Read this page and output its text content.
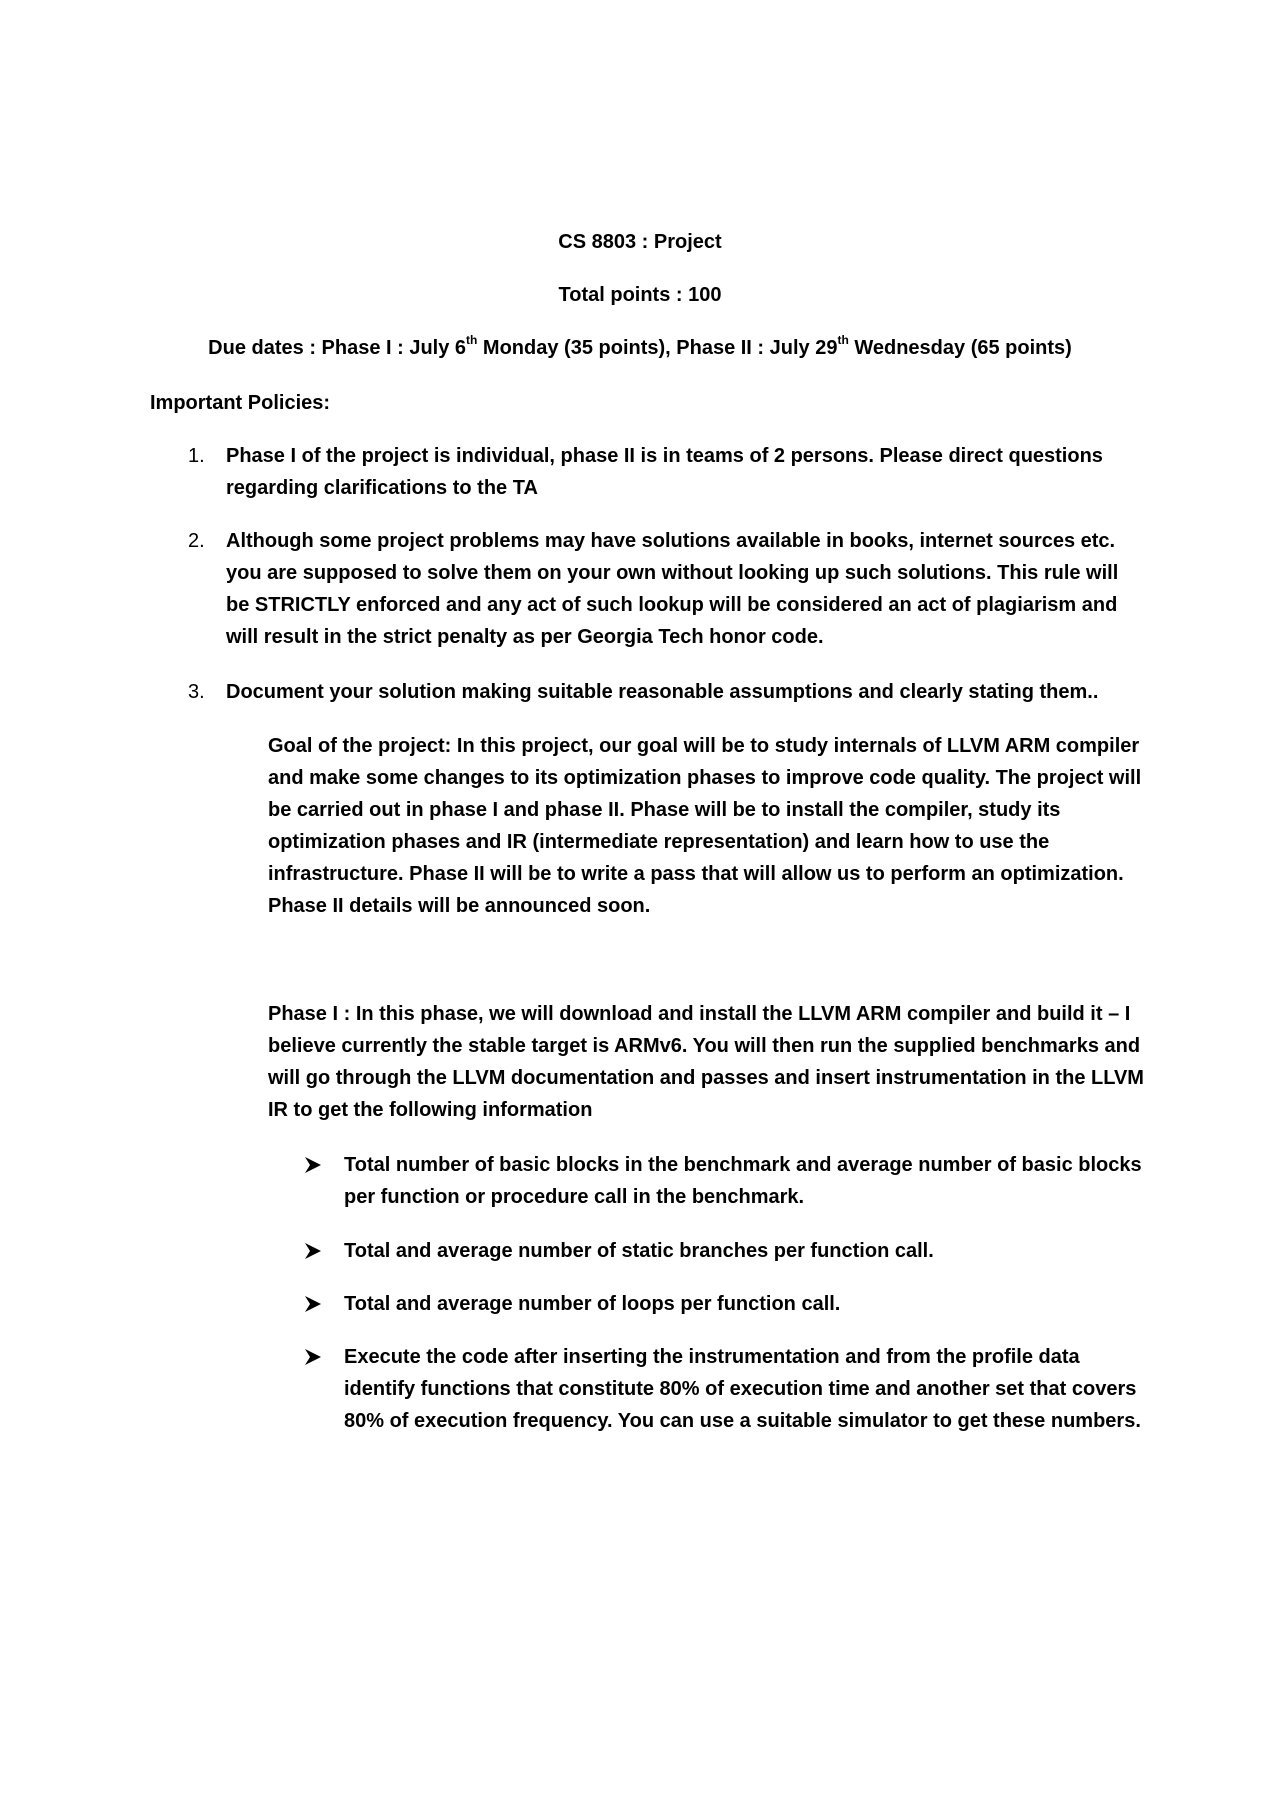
CS 8803 : Project
Total points : 100
Due dates : Phase I : July 6th Monday (35 points), Phase II : July 29th Wednesday (65 points)
Important Policies:
1.	Phase I of the project is individual, phase II is in teams of 2 persons. Please direct questions regarding clarifications to the TA
2.	Although some project problems may have solutions available in books, internet sources etc. you are supposed to solve them on your own without looking up such solutions. This rule will be STRICTLY enforced and any act of such lookup will be considered an act of plagiarism and will result in the strict penalty as per Georgia Tech honor code.
3.	Document your solution making suitable reasonable assumptions and clearly stating them..
Goal of the project: In this project, our goal will be to study internals of LLVM ARM compiler and make some changes to its optimization phases to improve code quality. The project will be carried out in phase I and phase II. Phase will be to install the compiler, study its optimization phases and IR (intermediate representation) and learn how to use the infrastructure. Phase II will be to write a pass that will allow us to perform an optimization. Phase II details will be announced soon.
Phase I : In this phase, we will download and install the LLVM ARM compiler and build it – I believe currently the stable target is ARMv6. You will then run the supplied benchmarks and will go through the LLVM documentation and passes and insert instrumentation in the LLVM IR to get the following information
Total number of basic blocks in the benchmark and average number of basic blocks per function or procedure call in the benchmark.
Total and average number of static branches per function call.
Total and average number of loops per function call.
Execute the code after inserting the instrumentation and from the profile data identify functions that constitute 80% of execution time and another set that covers 80% of execution frequency. You can use a suitable simulator to get these numbers.
